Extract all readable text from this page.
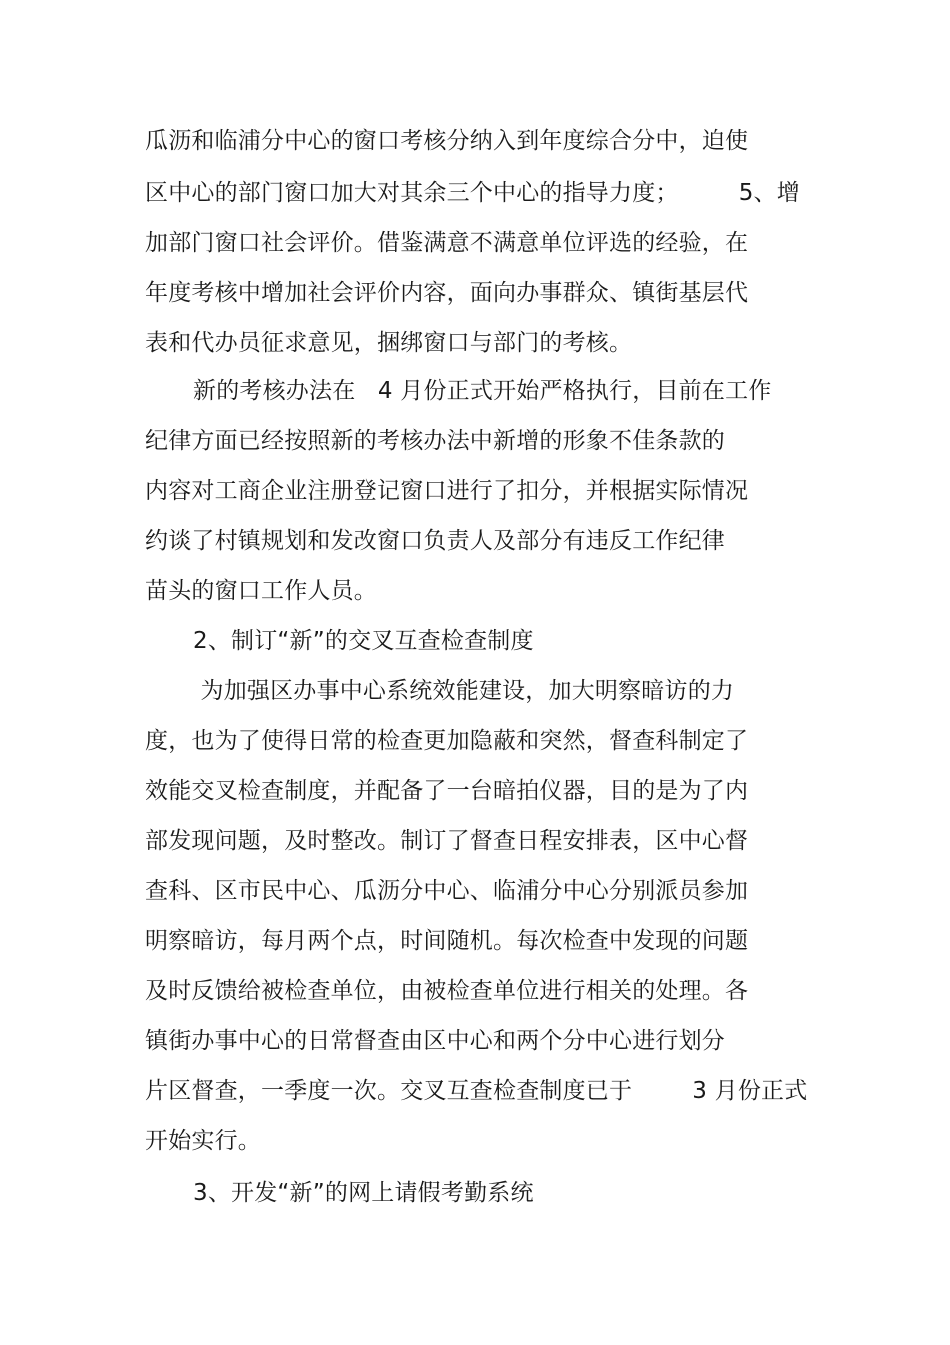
瓜沥和临浦分中心的窗口考核分纳入到年度综合分中，迫使
区中心的部门窗口加大对其余三个中心的指导力度；        5、增
加部门窗口社会评价。借鉴满意不满意单位评选的经验，在
年度考核中增加社会评价内容，面向办事群众、镇街基层代
表和代办员征求意见，捆绑窗口与部门的考核。
新的考核办法在   4 月份正式开始严格执行，目前在工作
纪律方面已经按照新的考核办法中新增的形象不佳条款的
内容对工商企业注册登记窗口进行了扣分，并根据实际情况
约谈了村镇规划和发改窗口负责人及部分有违反工作纪律
苗头的窗口工作人员。
2、制订“新”的交叉互查检查制度
为加强区办事中心系统效能建设，加大明察暗访的力
度，也为了使得日常的检查更加隐蔽和突然，督查科制定了
效能交叉检查制度，并配备了一台暗拍仪器，目的是为了内
部发现问题，及时整改。制订了督查日程安排表，区中心督
查科、区市民中心、瓜沥分中心、临浦分中心分别派员参加
明察暗访，每月两个点，时间随机。每次检查中发现的问题
及时反馈给被检查单位，由被检查单位进行相关的处理。各
镇街办事中心的日常督查由区中心和两个分中心进行划分
片区督查，一季度一次。交叉互查检查制度已于        3 月份正式
开始实行。
3、开发“新”的网上请假考勤系统
